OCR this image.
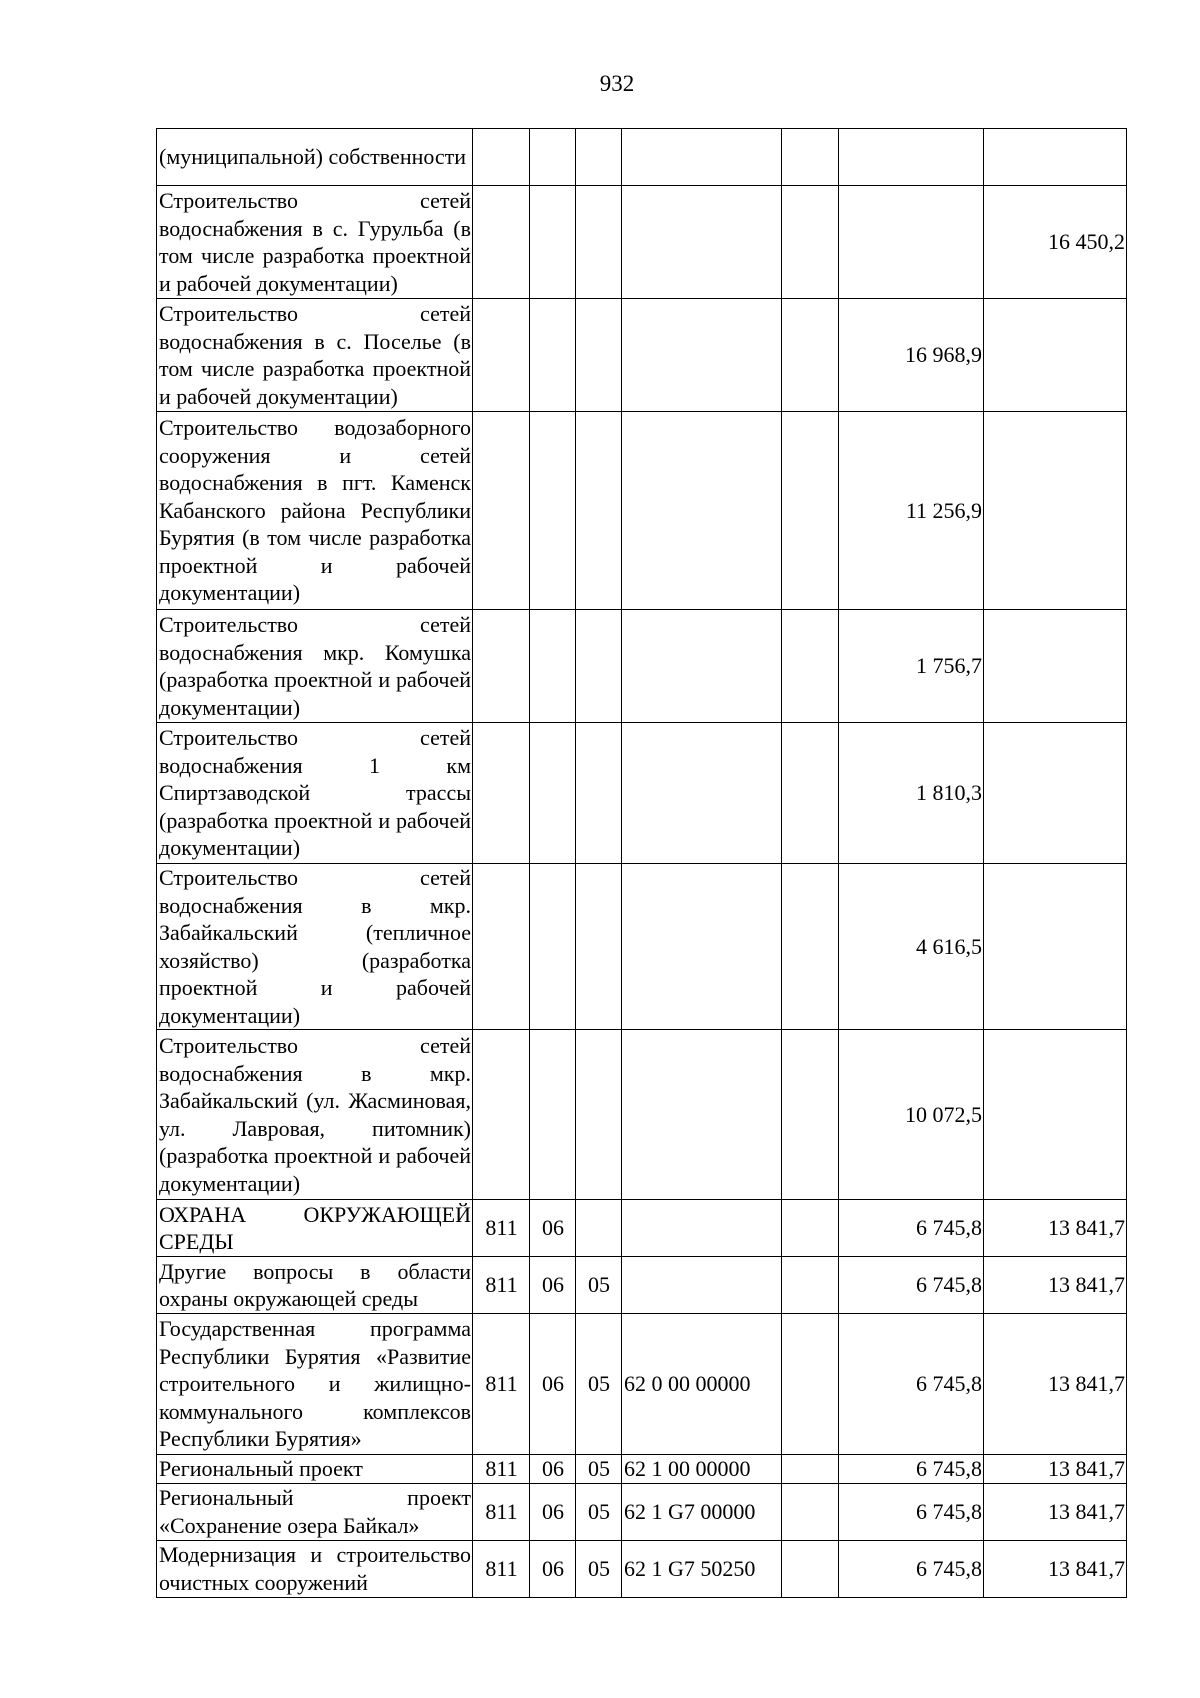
932
(муниципальной) собственности							
Строительство сетей водоснабжения в с. Гурульба (в том числе разработка проектной и рабочей документации)							16 450,2
Строительство сетей водоснабжения в с. Поселье (в том числе разработка проектной и рабочей документации)						16 968,9	
Строительство водозаборного сооружения и сетей водоснабжения в пгт. Каменск Кабанского района Республики Бурятия (в том числе разработка проектной и рабочей документации)						11 256,9	
Строительство сетей водоснабжения мкр. Комушка (разработка проектной и рабочей документации)						1 756,7	
Строительство сетей водоснабжения 1 км Спиртзаводской трассы (разработка проектной и рабочей документации)						1 810,3	
Строительство сетей водоснабжения в мкр. Забайкальский (тепличное хозяйство) (разработка проектной и рабочей документации)						4 616,5	
Строительство сетей водоснабжения в мкр. Забайкальский (ул. Жасминовая, ул. Лавровая, питомник) (разработка проектной и рабочей документации)						10 072,5	
ОХРАНА ОКРУЖАЮЩЕЙ СРЕДЫ	811	06				6 745,8	13 841,7
Другие вопросы в области охраны окружающей среды	811	06	05			6 745,8	13 841,7
Государственная программа Республики Бурятия «Развитие строительного и жилищно-коммунального комплексов Республики Бурятия»	811	06	05	62 0 00 00000		6 745,8	13 841,7
Региональный проект	811	06	05	62 1 00 00000		6 745,8	13 841,7
Региональный проект «Сохранение озера Байкал»	811	06	05	62 1 G7 00000		6 745,8	13 841,7
Модернизация и строительство очистных сооружений	811	06	05	62 1 G7 50250		6 745,8	13 841,7
